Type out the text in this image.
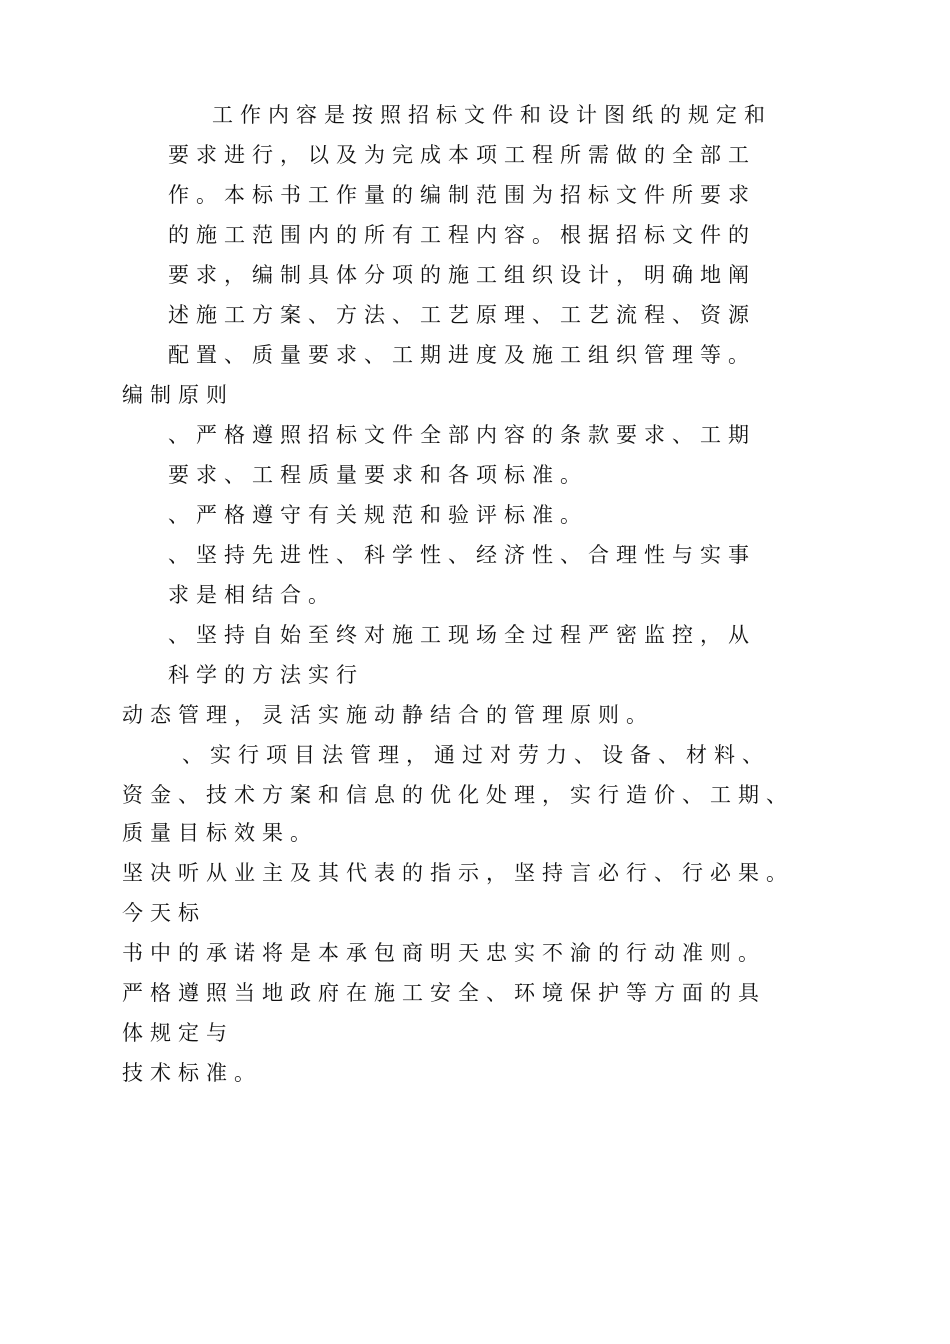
工作内容是按照招标文件和设计图纸的规定和
要求进行，以及为完成本项工程所需做的全部工
作。本标书工作量的编制范围为招标文件所要求
的施工范围内的所有工程内容。根据招标文件的
要求，编制具体分项的施工组织设计，明确地阐
述施工方案、方法、工艺原理、工艺流程、资源
配置、质量要求、工期进度及施工组织管理等。
编制原则
、严格遵照招标文件全部内容的条款要求、工期
要求、工程质量要求和各项标准。
、严格遵守有关规范和验评标准。
、坚持先进性、科学性、经济性、合理性与实事
求是相结合。
、坚持自始至终对施工现场全过程严密监控，从
科学的方法实行
动态管理，灵活实施动静结合的管理原则。
、实行项目法管理，通过对劳力、设备、材料、
资金、技术方案和信息的优化处理，实行造价、工期、
质量目标效果。
坚决听从业主及其代表的指示，坚持言必行、行必果。
今天标
书中的承诺将是本承包商明天忠实不渝的行动准则。
严格遵照当地政府在施工安全、环境保护等方面的具
体规定与
技术标准。
